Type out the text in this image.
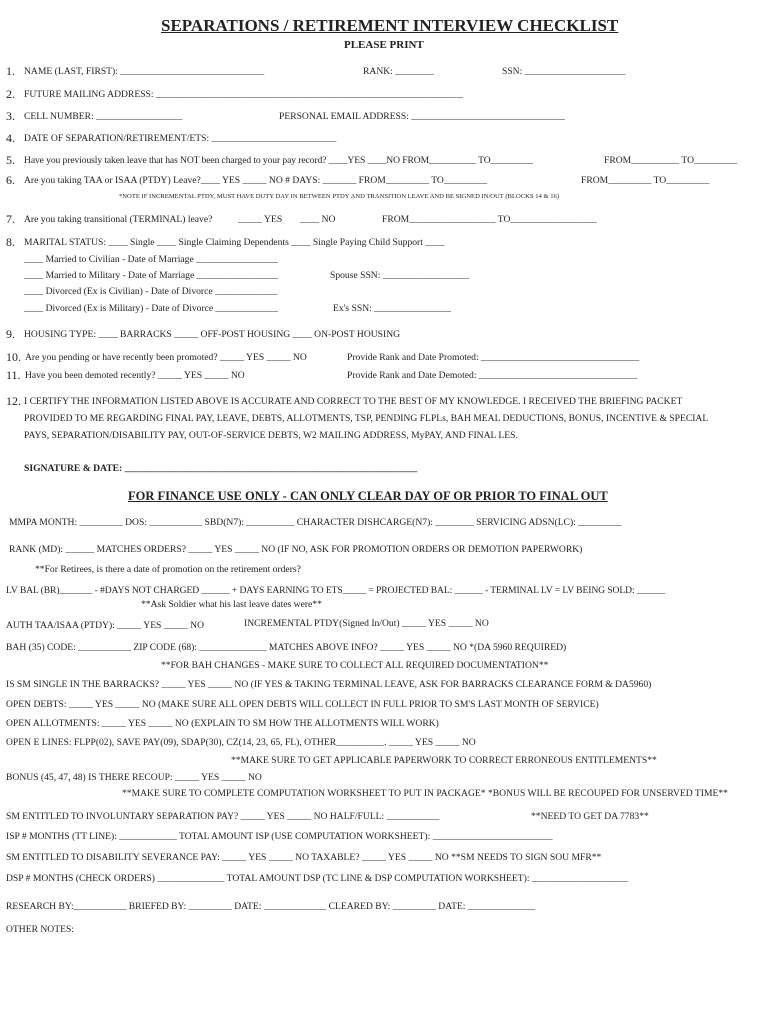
SEPARATIONS / RETIREMENT INTERVIEW CHECKLIST
PLEASE PRINT
1. NAME (LAST, FIRST): ______________________________	RANK: ________	SSN: _____________________
2. FUTURE MAILING ADDRESS: ________________________________________________________________
3. CELL NUMBER: __________________	PERSONAL EMAIL ADDRESS: ________________________________
4. DATE OF SEPARATION/RETIREMENT/ETS: __________________________
5. Have you previously taken leave that has NOT been charged to your pay record? ____YES ____NO FROM__________ TO_________	FROM__________ TO_________
6. Are you taking TAA or ISAA (PTDY) Leave?____ YES _____ NO # DAYS: _______ FROM_________ TO_________	FROM_________ TO_________
*NOTE IF INCREMENTAL PTDY, MUST HAVE DUTY DAY IN BETWEEN PTDY AND TRANSITION LEAVE AND BE SIGNED IN/OUT (BLOCKS 14 & 16)
7. Are you taking transitional (TERMINAL) leave?	_____ YES ____ NO	FROM__________________ TO__________________
8. MARITAL STATUS: ____ Single ____ Single Claiming Dependents ____ Single Paying Child Support ____
____ Married to Civilian - Date of Marriage _________________
____ Married to Military - Date of Marriage _________________	Spouse SSN: __________________
____ Divorced (Ex is Civilian) - Date of Divorce _____________
____ Divorced (Ex is Military) - Date of Divorce _____________	Ex's SSN: ________________
9. HOUSING TYPE: ____ BARRACKS _____ OFF-POST HOUSING ____ ON-POST HOUSING
10. Are you pending or have recently been promoted? _____ YES _____ NO	Provide Rank and Date Promoted: _________________________________
11. Have you been demoted recently? _____ YES _____ NO	Provide Rank and Date Demoted: _________________________________
12. I CERTIFY THE INFORMATION LISTED ABOVE IS ACCURATE AND CORRECT TO THE BEST OF MY KNOWLEDGE. I RECEIVED THE BRIEFING PACKET
PROVIDED TO ME REGARDING FINAL PAY, LEAVE, DEBTS, ALLOTMENTS, TSP, PENDING FLPLs, BAH MEAL DEDUCTIONS, BONUS, INCENTIVE & SPECIAL
PAYS, SEPARATION/DISABILITY PAY, OUT-OF-SERVICE DEBTS, W2 MAILING ADDRESS, MyPAY, AND FINAL LES.
SIGNATURE & DATE: _____________________________________________________________
FOR FINANCE USE ONLY - CAN ONLY CLEAR DAY OF OR PRIOR TO FINAL OUT
MMPA MONTH: _________ DOS: ___________ SBD(N7): __________ CHARACTER DISHCARGE(N7): ________ SERVICING ADSN(LC): _________
RANK (MD): ______ MATCHES ORDERS? _____ YES _____ NO (IF NO, ASK FOR PROMOTION ORDERS OR DEMOTION PAPERWORK)
**For Retirees, is there a date of promotion on the retirement orders?
LV BAL (BR)_______ - #DAYS NOT CHARGED ______ + DAYS EARNING TO ETS_____ = PROJECTED BAL: ______ - TERMINAL LV = LV BEING SOLD: ______
**Ask Soldier what his last leave dates were**
AUTH TAA/ISAA (PTDY): _____ YES _____ NO	INCREMENTAL PTDY(Signed In/Out) _____ YES _____ NO
BAH (35) CODE: ___________ ZIP CODE (68): ______________ MATCHES ABOVE INFO? _____ YES _____ NO *(DA 5960 REQUIRED)
**FOR BAH CHANGES - MAKE SURE TO COLLECT ALL REQUIRED DOCUMENTATION**
IS SM SINGLE IN THE BARRACKS? _____ YES _____ NO (IF YES & TAKING TERMINAL LEAVE, ASK FOR BARRACKS CLEARANCE FORM & DA5960)
OPEN DEBTS: _____ YES _____ NO (MAKE SURE ALL OPEN DEBTS WILL COLLECT IN FULL PRIOR TO SM'S LAST MONTH OF SERVICE)
OPEN ALLOTMENTS: _____ YES _____ NO (EXPLAIN TO SM HOW THE ALLOTMENTS WILL WORK)
OPEN E LINES: FLPP(02), SAVE PAY(09), SDAP(30), CZ(14, 23, 65, FL), OTHER__________. _____ YES _____ NO
**MAKE SURE TO GET APPLICABLE PAPERWORK TO CORRECT ERRONEOUS ENTITLEMENTS**
BONUS (45, 47, 48) IS THERE RECOUP: _____ YES _____ NO
**MAKE SURE TO COMPLETE COMPUTATION WORKSHEET TO PUT IN PACKAGE* *BONUS WILL BE RECOUPED FOR UNSERVED TIME**
SM ENTITLED TO INVOLUNTARY SEPARATION PAY? _____ YES _____ NO HALF/FULL: ___________	**NEED TO GET DA 7783**
ISP # MONTHS (TT LINE): ____________ TOTAL AMOUNT ISP (USE COMPUTATION WORKSHEET): _________________________
SM ENTITLED TO DISABILITY SEVERANCE PAY: _____ YES _____ NO TAXABLE? _____ YES _____ NO **SM NEEDS TO SIGN SOU MFR**
DSP # MONTHS (CHECK ORDERS) ______________ TOTAL AMOUNT DSP (TC LINE & DSP COMPUTATION WORKSHEET): ____________________
RESEARCH BY:___________ BRIEFED BY: _________ DATE: _____________ CLEARED BY: _________ DATE: ______________
OTHER NOTES:
